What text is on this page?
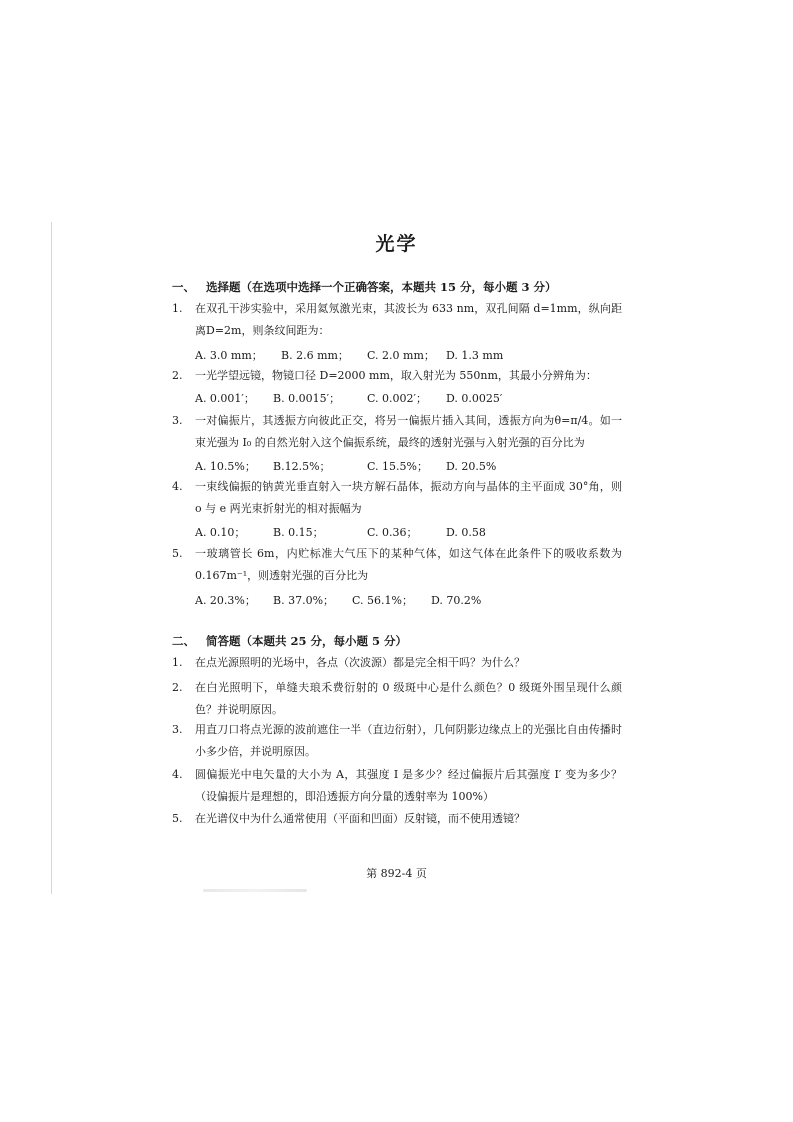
光学
一、 选择题（在选项中选择一个正确答案，本题共 15 分，每小题 3 分）
1. 在双孔干涉实验中，采用氦氖激光束，其波长为 633 nm，双孔间隔 d=1mm，纵向距离D=2m，则条纹间距为：
A. 3.0 mm； B. 2.6 mm； C. 2.0 mm； D. 1.3 mm
2. 一光学望远镜，物镜口径 D=2000 mm，取入射光为 550nm，其最小分辨角为：
A. 0.001′； B. 0.0015′； C. 0.002′； D. 0.0025′
3. 一对偏振片，其透振方向彼此正交，将另一偏振片插入其间，透振方向为θ=π/4。如一束光强为 I₀ 的自然光射入这个偏振系统，最终的透射光强与入射光强的百分比为
A. 10.5%； B.12.5%；	C. 15.5%； D. 20.5%
4. 一束线偏振的钠黄光垂直射入一块方解石晶体，振动方向与晶体的主平面成 30°角，则 o 与 e 两光束折射光的相对振幅为
A. 0.10；	B. 0.15；	C. 0.36；	D. 0.58
5. 一玻璃管长 6m，内贮标准大气压下的某种气体，如这气体在此条件下的吸收系数为 0.167m⁻¹，则透射光强的百分比为
A. 20.3%； B. 37.0%； C. 56.1%； D. 70.2%
二、 简答题（本题共 25 分，每小题 5 分）
1. 在点光源照明的光场中，各点（次波源）都是完全相干吗？为什么？
2. 在白光照明下，单缝夫琅禾费衍射的 0 级斑中心是什么颜色？0 级斑外围呈现什么颜色？并说明原因。
3. 用直刀口将点光源的波前遮住一半（直边衍射），几何阴影边缘点上的光强比自由传播时小多少倍，并说明原因。
4. 圆偏振光中电矢量的大小为 A，其强度 I 是多少？经过偏振片后其强度 I′ 变为多少？（设偏振片是理想的，即沿透振方向分量的透射率为 100%）
5. 在光谱仪中为什么通常使用（平面和凹面）反射镜，而不使用透镜？
第 892-4 页
